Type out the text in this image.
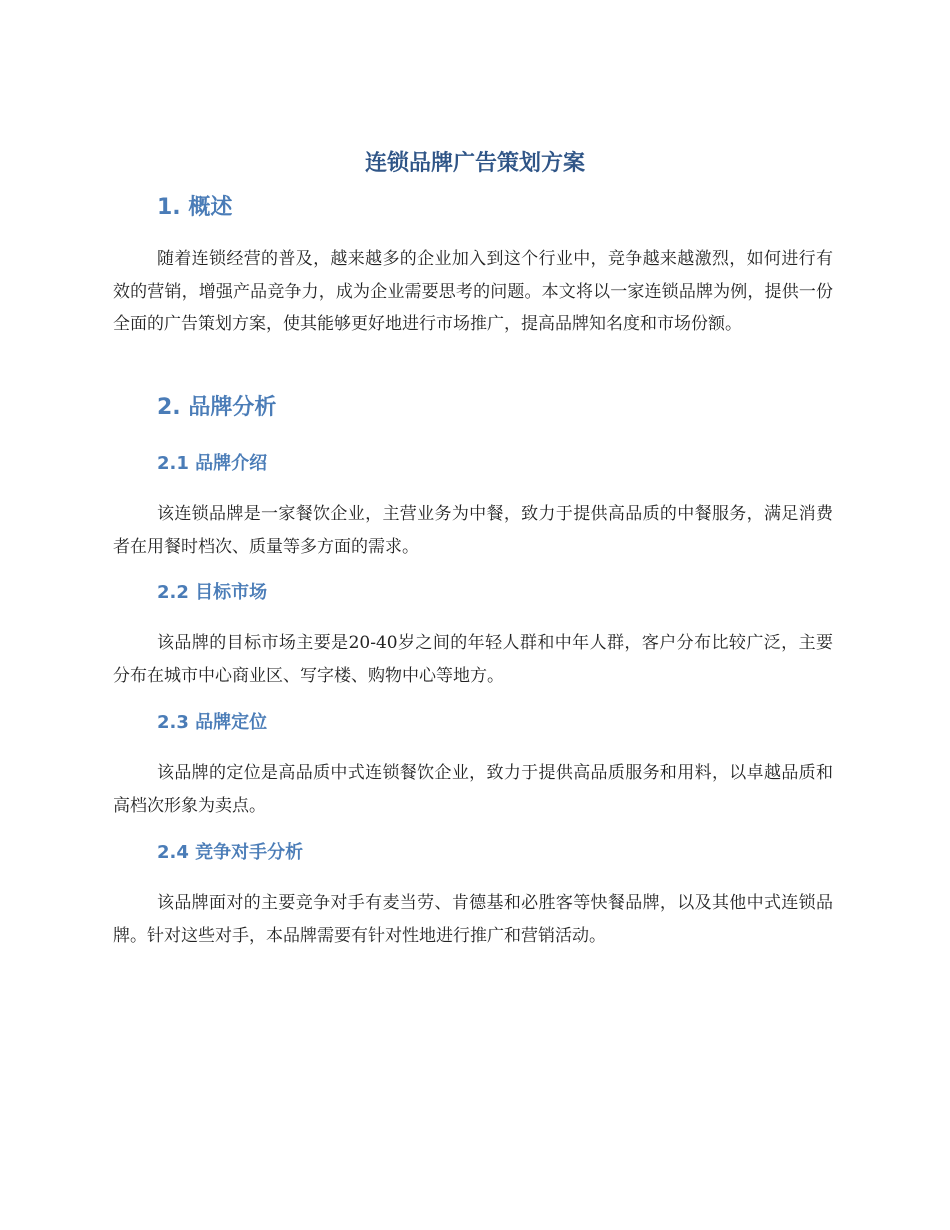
连锁品牌广告策划方案
1. 概述

随着连锁经营的普及，越来越多的企业加入到这个行业中，竞争越来越激烈，如何进行有效的营销，增强产品竞争力，成为企业需要思考的问题。本文将以一家连锁品牌为例，提供一份全面的广告策划方案，使其能够更好地进行市场推广，提高品牌知名度和市场份额。

2. 品牌分析
2.1 品牌介绍

该连锁品牌是一家餐饮企业，主营业务为中餐，致力于提供高品质的中餐服务，满足消费者在用餐时档次、质量等多方面的需求。

2.2 目标市场

该品牌的目标市场主要是20-40岁之间的年轻人群和中年人群，客户分布比较广泛，主要分布在城市中心商业区、写字楼、购物中心等地方。

2.3 品牌定位

该品牌的定位是高品质中式连锁餐饮企业，致力于提供高品质服务和用料，以卓越品质和高档次形象为卖点。

2.4 竞争对手分析

该品牌面对的主要竞争对手有麦当劳、肯德基和必胜客等快餐品牌，以及其他中式连锁品牌。针对这些对手，本品牌需要有针对性地进行推广和营销活动。
